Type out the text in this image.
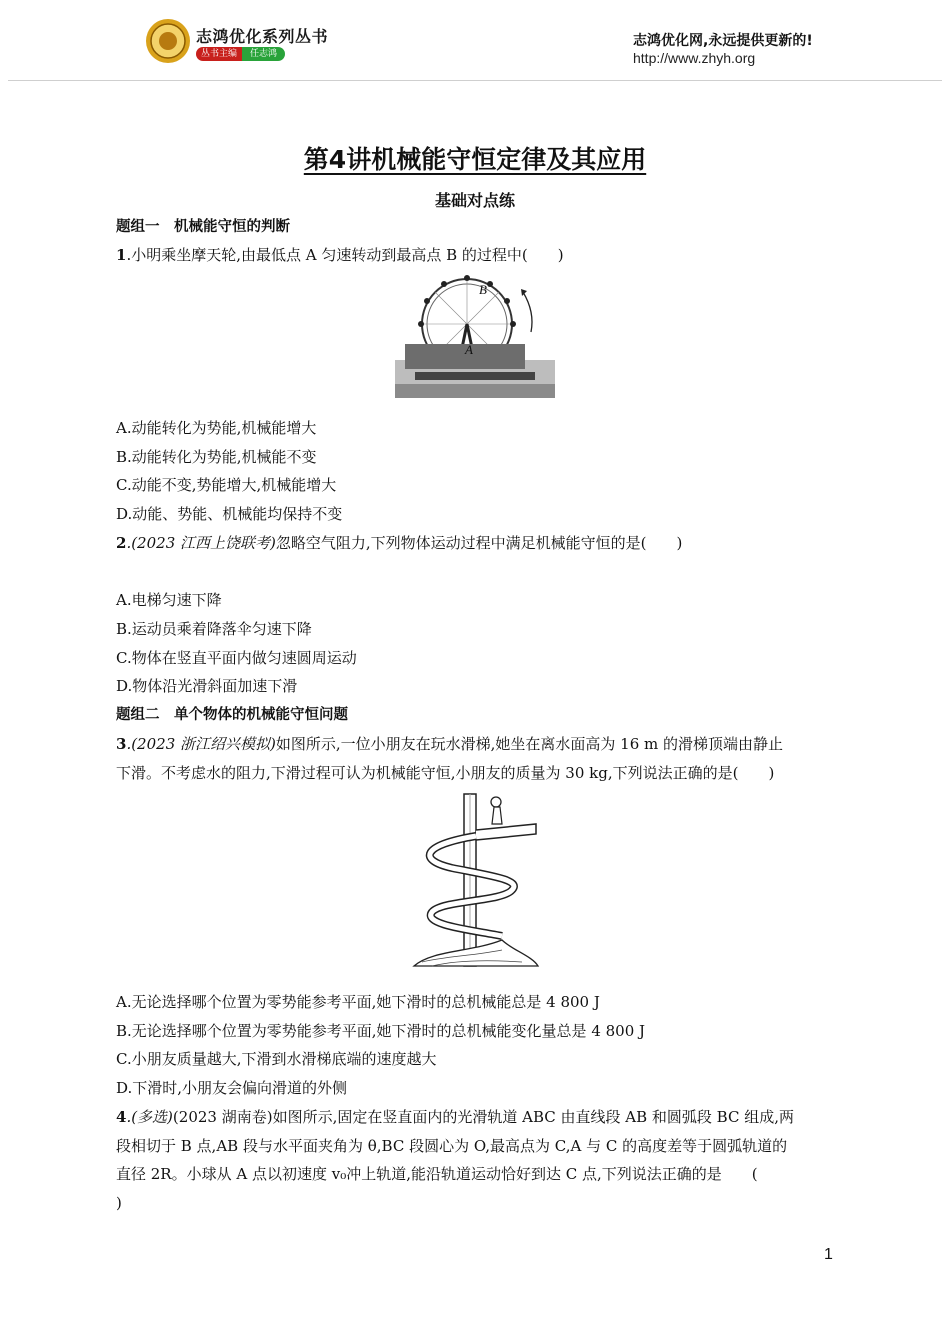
志鸿优化系列丛书
丛书主编	任志鸿
志鸿优化网,永远提供更新的!
http://www.zhyh.org
第4讲机械能守恒定律及其应用
基础对点练
题组一　机械能守恒的判断
1.小明乘坐摩天轮,由最低点 A 匀速转动到最高点 B 的过程中(　　)
B
A
A.动能转化为势能,机械能增大
B.动能转化为势能,机械能不变
C.动能不变,势能增大,机械能增大
D.动能、势能、机械能均保持不变
2.(2023 江西上饶联考)忽略空气阻力,下列物体运动过程中满足机械能守恒的是(　　)
A.电梯匀速下降
B.运动员乘着降落伞匀速下降
C.物体在竖直平面内做匀速圆周运动
D.物体沿光滑斜面加速下滑
题组二　单个物体的机械能守恒问题
3.(2023 浙江绍兴模拟)如图所示,一位小朋友在玩水滑梯,她坐在离水面高为 16 m 的滑梯顶端由静止
下滑。不考虑水的阻力,下滑过程可认为机械能守恒,小朋友的质量为 30 kg,下列说法正确的是(　　)
A.无论选择哪个位置为零势能参考平面,她下滑时的总机械能总是 4 800 J
B.无论选择哪个位置为零势能参考平面,她下滑时的总机械能变化量总是 4 800 J
C.小朋友质量越大,下滑到水滑梯底端的速度越大
D.下滑时,小朋友会偏向滑道的外侧
4.(多选)(2023 湖南卷)如图所示,固定在竖直面内的光滑轨道 ABC 由直线段 AB 和圆弧段 BC 组成,两
段相切于 B 点,AB 段与水平面夹角为 θ,BC 段圆心为 O,最高点为 C,A 与 C 的高度差等于圆弧轨道的
直径 2R。小球从 A 点以初速度 v₀冲上轨道,能沿轨道运动恰好到达 C 点,下列说法正确的是　　(
)
1
